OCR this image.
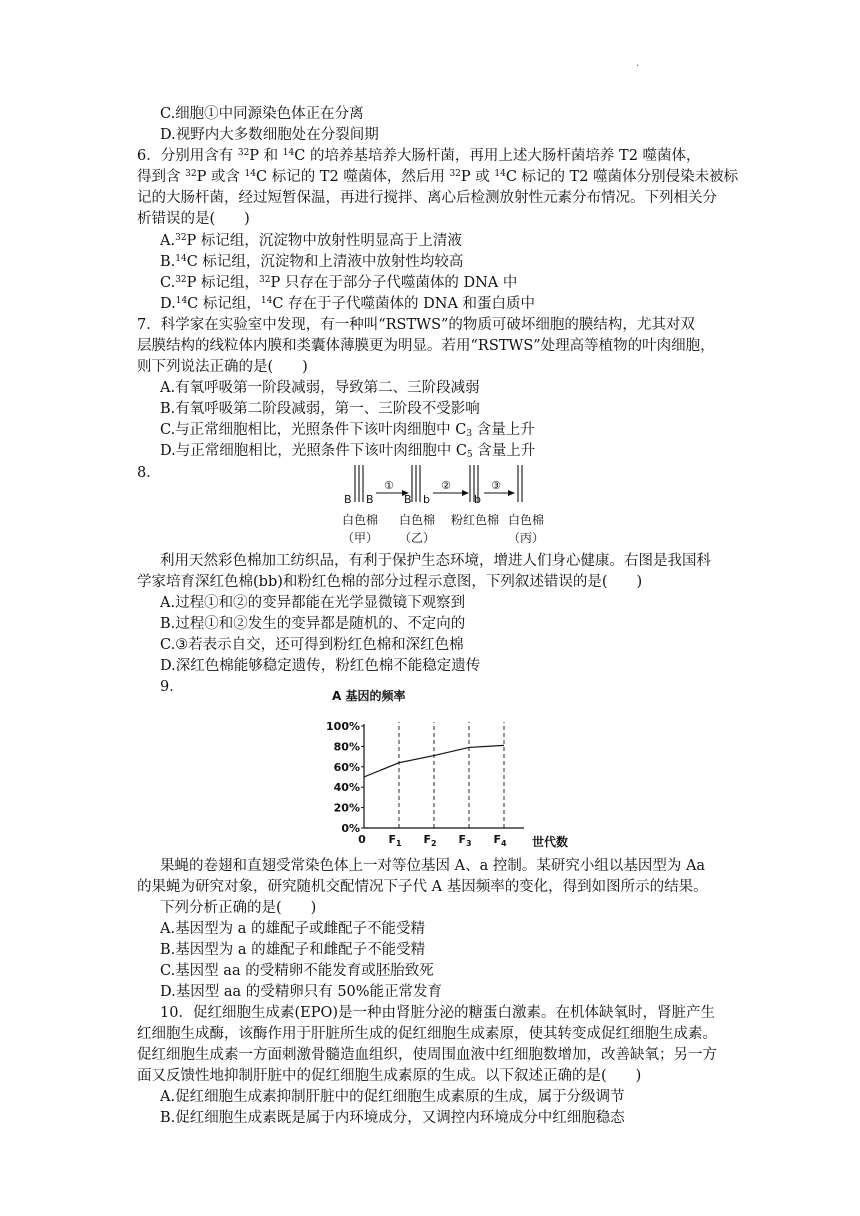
.
C.细胞①中同源染色体正在分离
D.视野内大多数细胞处在分裂间期
6．分别用含有 $^{32}$P 和 $^{14}$C 的培养基培养大肠杆菌，再用上述大肠杆菌培养 T2 噬菌体，
得到含 $^{32}$P 或含 $^{14}$C 标记的 T2 噬菌体，然后用 $^{32}$P 或 $^{14}$C 标记的 T2 噬菌体分别侵染未被标
记的大肠杆菌，经过短暂保温，再进行搅拌、离心后检测放射性元素分布情况。下列相关分
析错误的是(　　)
A.$^{32}$P 标记组，沉淀物中放射性明显高于上清液
B.$^{14}$C 标记组，沉淀物和上清液中放射性均较高
C.$^{32}$P 标记组，$^{32}$P 只存在于部分子代噬菌体的 DNA 中
D.$^{14}$C 标记组，$^{14}$C 存在于子代噬菌体的 DNA 和蛋白质中
7．科学家在实验室中发现，有一种叫“RSTWS”的物质可破坏细胞的膜结构，尤其对双
层膜结构的线粒体内膜和类囊体薄膜更为明显。若用“RSTWS”处理高等植物的叶肉细胞，
则下列说法正确的是(　　)
A.有氧呼吸第一阶段减弱，导致第二、三阶段减弱
B.有氧呼吸第二阶段减弱，第一、三阶段不受影响
C.与正常细胞相比，光照条件下该叶肉细胞中 $C_3$ 含量上升
D.与正常细胞相比，光照条件下该叶肉细胞中 $C_5$ 含量上升
8．
B B	B b	b
①	②	③
白色棉 白色棉 粉红色棉 白色棉
（甲） （乙）	（丙）
利用天然彩色棉加工纺织品，有利于保护生态环境，增进人们身心健康。右图是我国科
学家培育深红色棉(bb)和粉红色棉的部分过程示意图，下列叙述错误的是(　　)
A.过程①和②的变异都能在光学显微镜下观察到
B.过程①和②发生的变异都是随机的、不定向的
C.③若表示自交，还可得到粉红色棉和深红色棉
D.深红色棉能够稳定遗传，粉红色棉不能稳定遗传
9．
A 基因的频率
0%
20%
40%
60%
80%
100%
0 $F_1$ $F_2$ $F_3$ $F_4$ 世代数
果蝇的卷翅和直翅受常染色体上一对等位基因 A、a 控制。某研究小组以基因型为 Aa
的果蝇为研究对象，研究随机交配情况下子代 A 基因频率的变化，得到如图所示的结果。
下列分析正确的是(　　)
A.基因型为 a 的雄配子或雌配子不能受精
B.基因型为 a 的雄配子和雌配子不能受精
C.基因型 aa 的受精卵不能发育或胚胎致死
D.基因型 aa 的受精卵只有 50%能正常发育
10．促红细胞生成素(EPO)是一种由肾脏分泌的糖蛋白激素。在机体缺氧时，肾脏产生
红细胞生成酶，该酶作用于肝脏所生成的促红细胞生成素原，使其转变成促红细胞生成素。
促红细胞生成素一方面刺激骨髓造血组织，使周围血液中红细胞数增加，改善缺氧；另一方
面又反馈性地抑制肝脏中的促红细胞生成素原的生成。以下叙述正确的是(　　)
A.促红细胞生成素抑制肝脏中的促红细胞生成素原的生成，属于分级调节
B.促红细胞生成素既是属于内环境成分，又调控内环境成分中红细胞稳态
